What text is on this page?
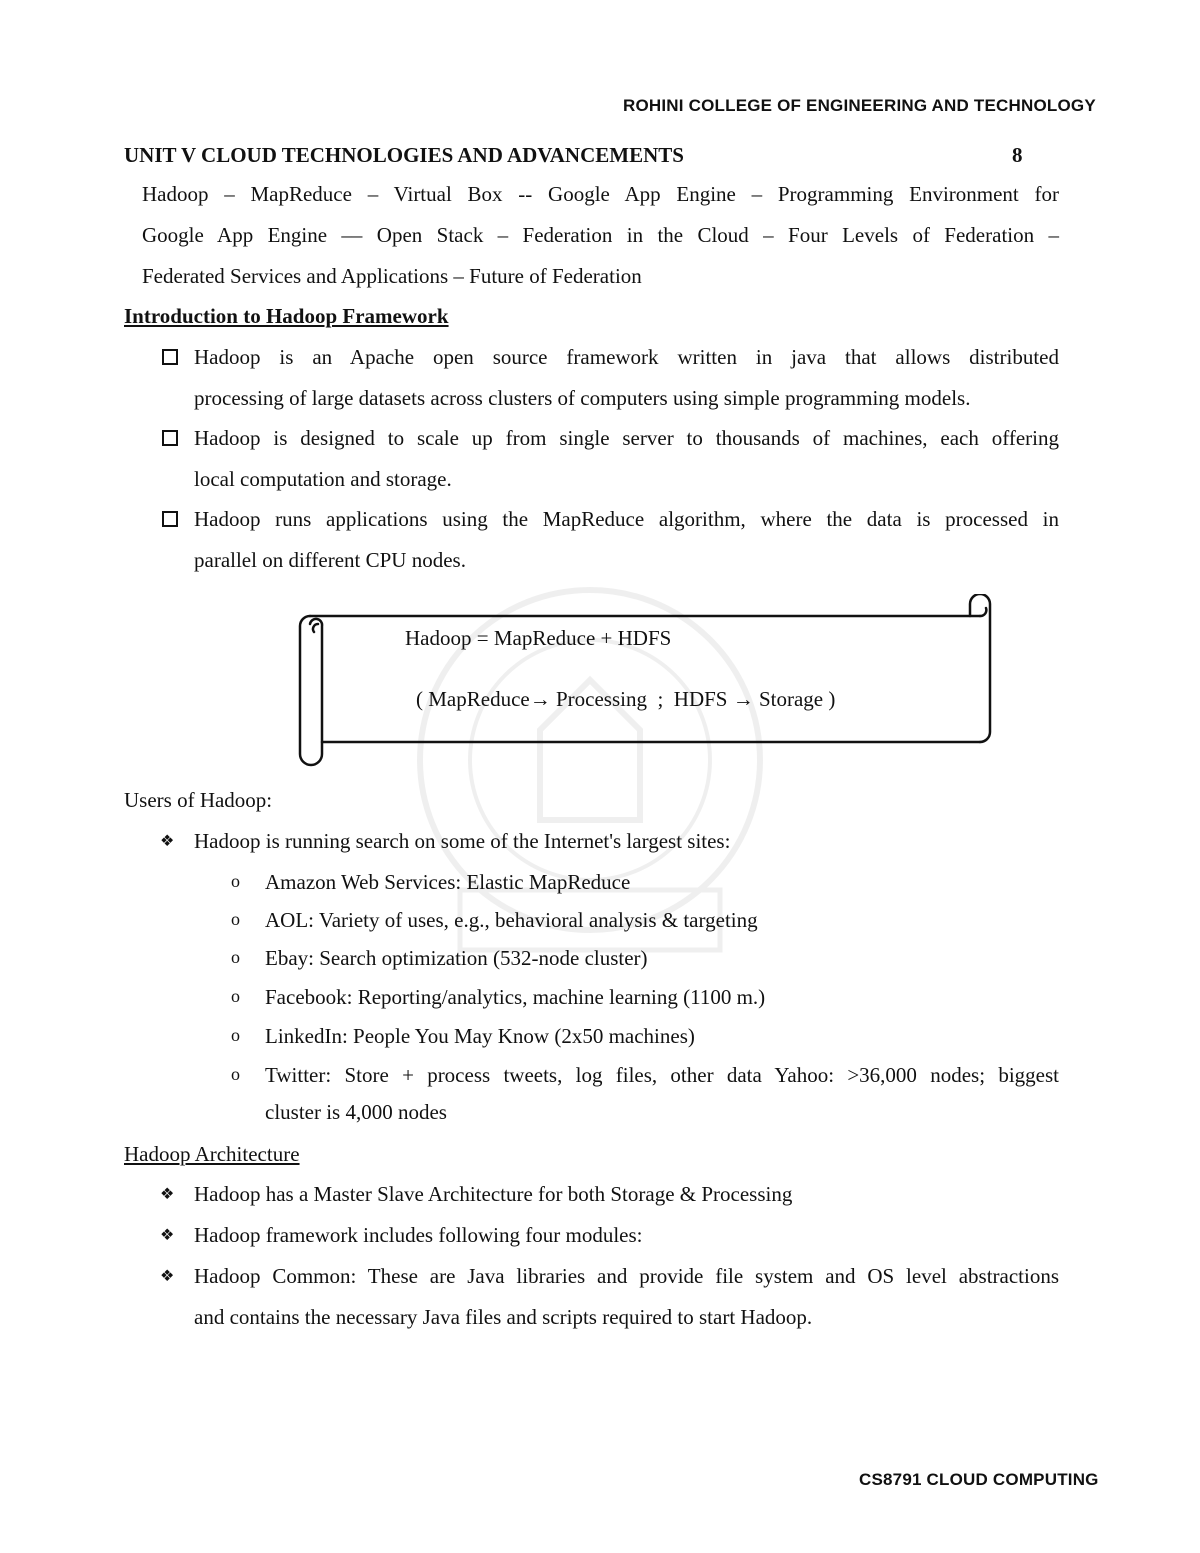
ROHINI COLLEGE OF ENGINEERING AND TECHNOLOGY
UNIT V CLOUD TECHNOLOGIES AND ADVANCEMENTS	8
Hadoop – MapReduce – Virtual Box -- Google App Engine – Programming Environment for
Google App Engine –– Open Stack – Federation in the Cloud – Four Levels of Federation –
Federated Services and Applications – Future of Federation
Introduction to Hadoop Framework
Hadoop is an Apache open source framework written in java that allows distributed
processing of large datasets across clusters of computers using simple programming models.
Hadoop is designed to scale up from single server to thousands of machines, each offering
local computation and storage.
Hadoop runs applications using the MapReduce algorithm, where the data is processed in
parallel on different CPU nodes.
Hadoop = MapReduce + HDFS
( MapReduce→ Processing  ;  HDFS → Storage )
Users of Hadoop:
❖ Hadoop is running search on some of the Internet's largest sites:
o Amazon Web Services: Elastic MapReduce
o AOL: Variety of uses, e.g., behavioral analysis & targeting
o Ebay: Search optimization (532-node cluster)
o Facebook: Reporting/analytics, machine learning (1100 m.)
o LinkedIn: People You May Know (2x50 machines)
o Twitter: Store + process tweets, log files, other data Yahoo: >36,000 nodes; biggest
cluster is 4,000 nodes
Hadoop Architecture
❖ Hadoop has a Master Slave Architecture for both Storage & Processing
❖ Hadoop framework includes following four modules:
❖ Hadoop Common: These are Java libraries and provide file system and OS level abstractions
and contains the necessary Java files and scripts required to start Hadoop.
CS8791 CLOUD COMPUTING
